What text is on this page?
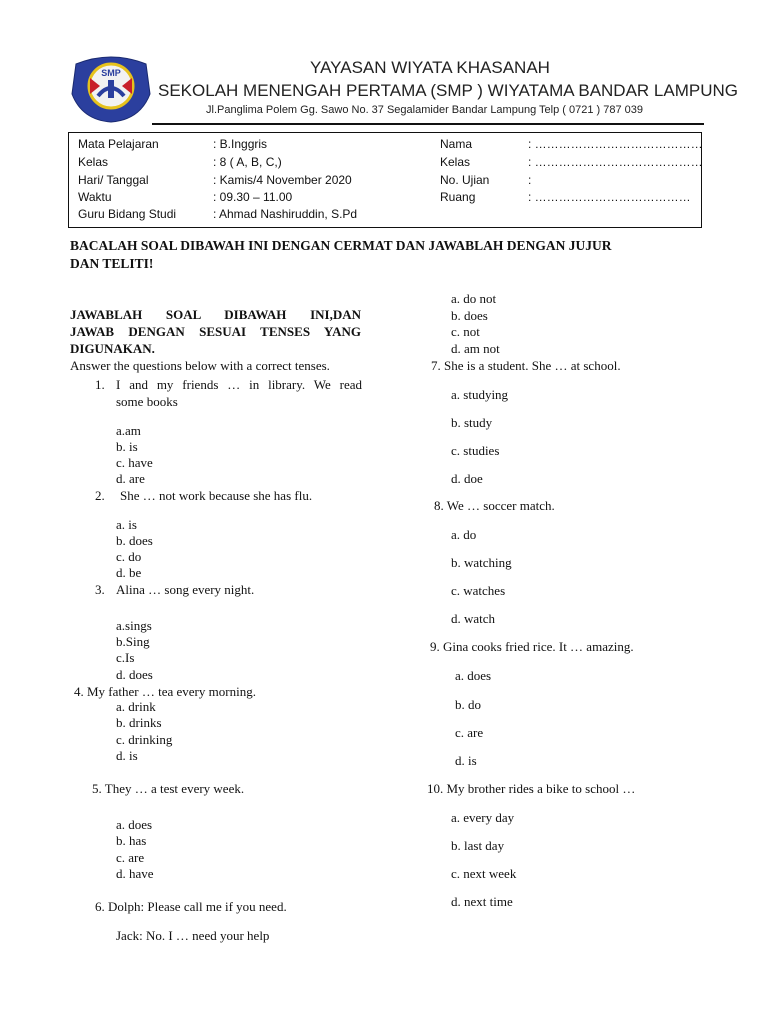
SMP	YAYASAN WIYATA KHASANAH
SEKOLAH MENENGAH PERTAMA (SMP ) WIYATAMA BANDAR LAMPUNG
Jl.Panglima Polem Gg. Sawo No. 37 Segalamider Bandar Lampung Telp ( 0721 ) 787 039
Mata Pelajaran	: B.Inggris
Kelas	: 8 ( A, B, C,)
Hari/ Tanggal	: Kamis/4 November 2020
Waktu	: 09.30 – 11.00
Guru Bidang Studi	: Ahmad Nashiruddin, S.Pd
Nama	: ……………………………………
Kelas	: ……………………………………
No. Ujian	:
Ruang	: …………………………………
BACALAH SOAL DIBAWAH INI DENGAN CERMAT DAN JAWABLAH DENGAN JUJUR
DAN TELITI!
JAWABLAH SOAL DIBAWAH INI,DAN
JAWAB DENGAN SESUAI TENSES YANG
DIGUNAKAN.
Answer the questions below with a correct tenses.
1. I and my friends … in library. We read
some books
a.am
b. is
c. have
d. are
2. She … not work because she has flu.
a. is
b. does
c. do
d. be
3. Alina … song every night.
a.sings
b.Sing
c.Is
d. does
4. My father … tea every morning.
a. drink
b. drinks
c. drinking
d. is
5. They … a test every week.
a. does
b. has
c. are
d. have
6. Dolph: Please call me if you need.
Jack: No. I … need your help
a. do not
b. does
c. not
d. am not
7. She is a student. She … at school.
a. studying
b. study
c. studies
d. doe
8. We … soccer match.
a. do
b. watching
c. watches
d. watch
9. Gina cooks fried rice. It … amazing.
a. does
b. do
c. are
d. is
10. My brother rides a bike to school …
a. every day
b. last day
c. next week
d. next time
